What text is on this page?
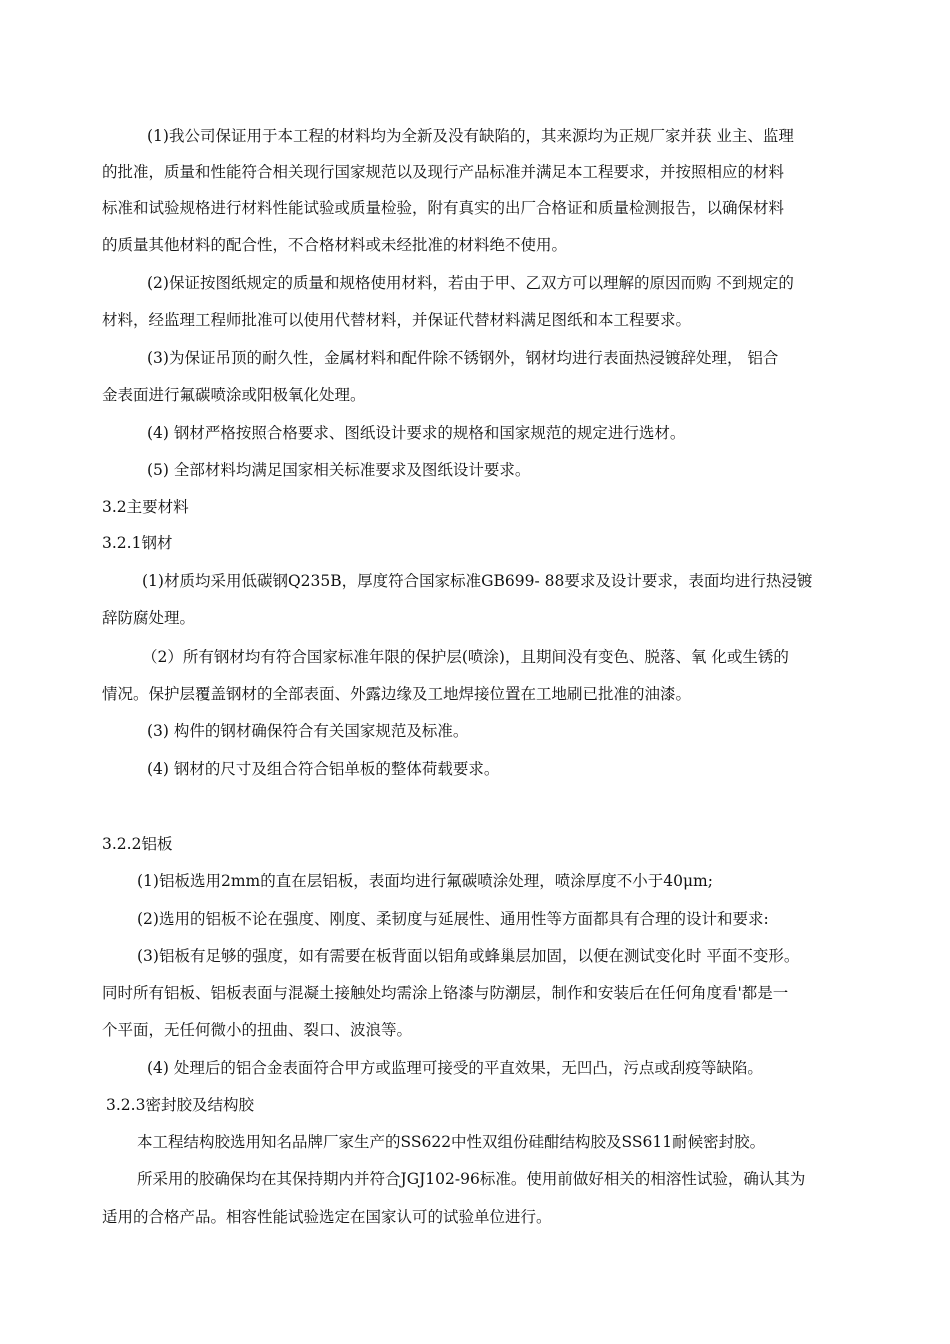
(1)我公司保证用于本工程的材料均为全新及没有缺陷的，其来源均为正规厂家并获 业主、监理
的批准，质量和性能符合相关现行国家规范以及现行产品标准并满足本工程要求，并按照相应的材料
标准和试验规格进行材料性能试验或质量检验，附有真实的出厂合格证和质量检测报告，以确保材料
的质量其他材料的配合性，不合格材料或未经批准的材料绝不使用。
(2)保证按图纸规定的质量和规格使用材料，若由于甲、乙双方可以理解的原因而购 不到规定的
材料，经监理工程师批准可以使用代替材料，并保证代替材料满足图纸和本工程要求。
(3)为保证吊顶的耐久性，金属材料和配件除不锈钢外，钢材均进行表面热浸镀辞处理， 铝合
金表面进行氟碳喷涂或阳极氧化处理。
(4) 钢材严格按照合格要求、图纸设计要求的规格和国家规范的规定进行选材。
(5) 全部材料均满足国家相关标准要求及图纸设计要求。
3.2主要材料
3.2.1钢材
(1)材质均采用低碳钢Q235B，厚度符合国家标准GB699- 88要求及设计要求，表面均进行热浸镀
辞防腐处理。
（2）所有钢材均有符合国家标准年限的保护层(喷涂)，且期间没有变色、脱落、氧 化或生锈的
情况。保护层覆盖钢材的全部表面、外露边缘及工地焊接位置在工地刷已批准的油漆。
(3) 构件的钢材确保符合有关国家规范及标准。
(4) 钢材的尺寸及组合符合铝单板的整体荷载要求。
3.2.2铝板
(1)铝板选用2mm的直在层铝板，表面均进行氟碳喷涂处理，喷涂厚度不小于40μm;
(2)选用的铝板不论在强度、刚度、柔韧度与延展性、通用性等方面都具有合理的设计和要求:
(3)铝板有足够的强度，如有需要在板背面以铝角或蜂巢层加固，以便在测试变化时 平面不变形。
同时所有铝板、铝板表面与混凝土接触处均需涂上铬漆与防潮层，制作和安装后在任何角度看'都是一
个平面，无任何微小的扭曲、裂口、波浪等。
(4) 处理后的铝合金表面符合甲方或监理可接受的平直效果，无凹凸，污点或刮疫等缺陷。
3.2.3密封胶及结构胶
本工程结构胶选用知名品牌厂家生产的SS622中性双组份硅酣结构胶及SS611耐候密封胶。
所采用的胶确保均在其保持期内并符合JGJ102-96标准。使用前做好相关的相溶性试验，确认其为
适用的合格产品。相容性能试验选定在国家认可的试验单位进行。
